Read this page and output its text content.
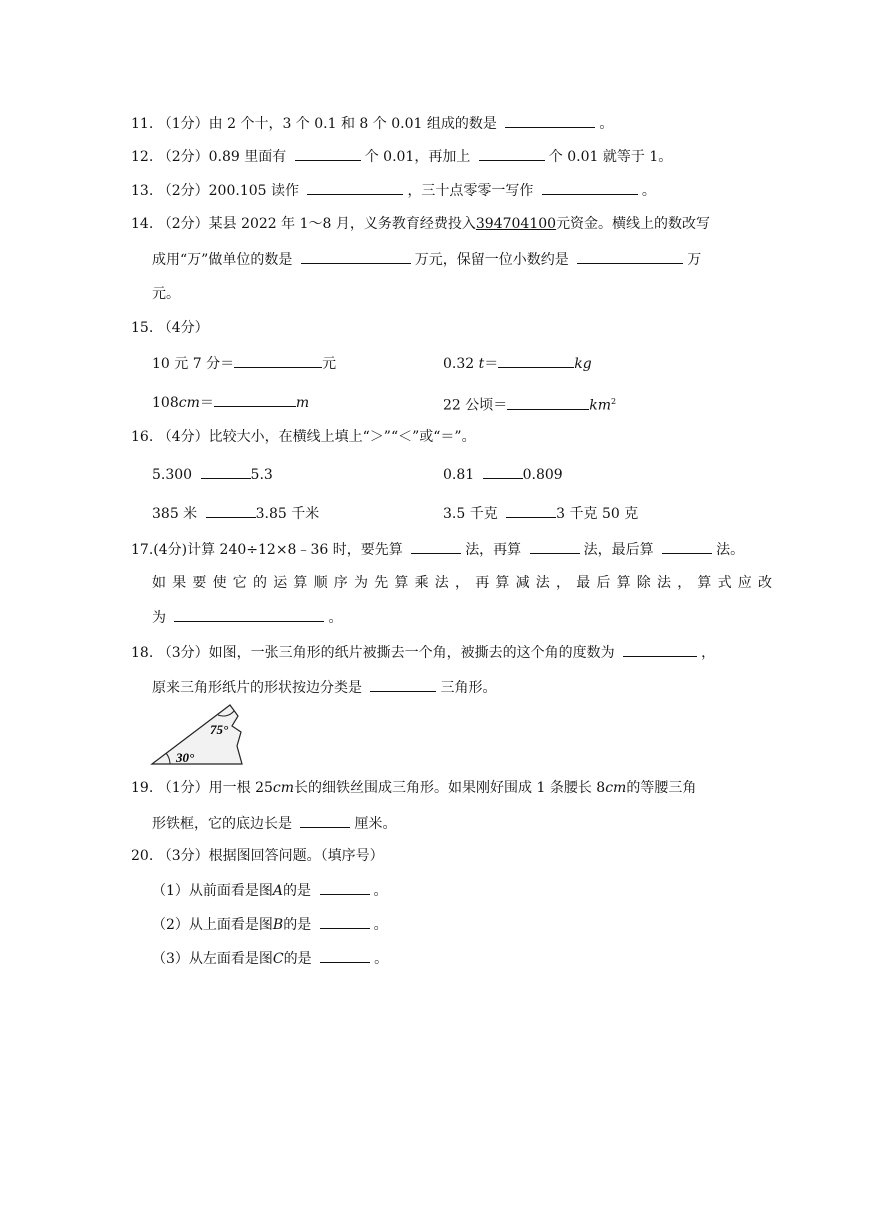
11. （1分）由 2 个十，3 个 0.1 和 8 个 0.01 组成的数是	。
12. （2分）0.89 里面有	个 0.01，再加上	个 0.01 就等于 1。
13. （2分）200.105 读作	，三十点零零一写作	。
14. （2分）某县 2022 年 1～8 月，义务教育经费投入394704100元资金。横线上的数改写
成用“万”做单位的数是	万元，保留一位小数约是	万
元。
15. （4分）
10 元 7 分＝	元	0.32 t＝	kg
108cm＝	m	22 公顷＝	$km^2$
16. （4分）比较大小，在横线上填上“＞”“＜”或“＝”。
5.300	5.3	0.81	0.809
385 米	3.85 千米	3.5 千克	3 千克 50 克
17.(4分)计算 240÷12×8﹣36 时，要先算	法，再算	法，最后算	法。
如果要使它的运算顺序为先算乘法，再算减法，最后算除法，算式应改
为	。
18. （3分）如图，一张三角形的纸片被撕去一个角，被撕去的这个角的度数为	，
原来三角形纸片的形状按边分类是	三角形。
75°
30°
19. （1分）用一根 25cm长的细铁丝围成三角形。如果刚好围成 1 条腰长 8cm的等腰三角
形铁框，它的底边长是	厘米。
20. （3分）根据图回答问题。（填序号）
（1）从前面看是图A的是	。
（2）从上面看是图B的是	。
（3）从左面看是图C的是	。
